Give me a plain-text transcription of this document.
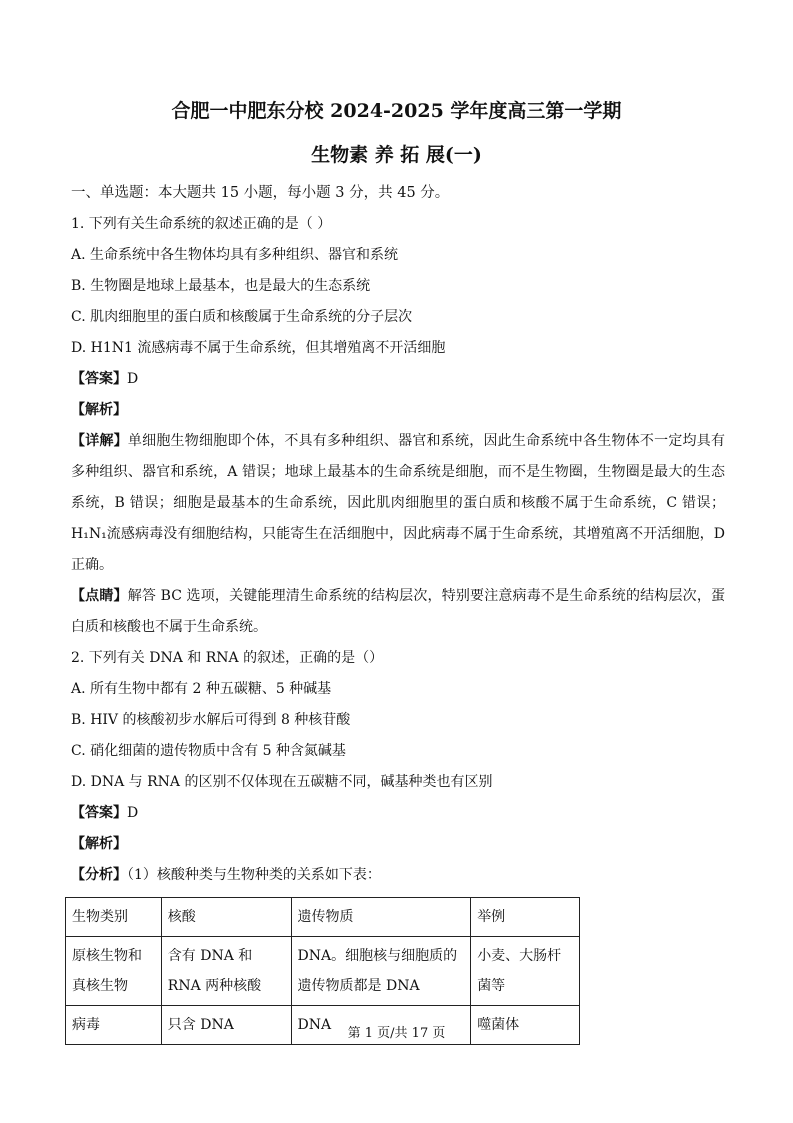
合肥一中肥东分校 2024-2025 学年度高三第一学期
生物素 养 拓 展(一)
一、单选题：本大题共 15 小题，每小题 3 分，共 45 分。
1. 下列有关生命系统的叙述正确的是（ ）
A. 生命系统中各生物体均具有多种组织、器官和系统
B. 生物圈是地球上最基本，也是最大的生态系统
C. 肌肉细胞里的蛋白质和核酸属于生命系统的分子层次
D. H1N1 流感病毒不属于生命系统，但其增殖离不开活细胞
【答案】D
【解析】
【详解】单细胞生物细胞即个体，不具有多种组织、器官和系统，因此生命系统中各生物体不一定均具有多种组织、器官和系统，A 错误；地球上最基本的生命系统是细胞，而不是生物圈，生物圈是最大的生态系统，B 错误；细胞是最基本的生命系统，因此肌肉细胞里的蛋白质和核酸不属于生命系统，C 错误；H₁N₁流感病毒没有细胞结构，只能寄生在活细胞中，因此病毒不属于生命系统，其增殖离不开活细胞，D 正确。
【点睛】解答 BC 选项，关键能理清生命系统的结构层次，特别要注意病毒不是生命系统的结构层次，蛋白质和核酸也不属于生命系统。
2. 下列有关 DNA 和 RNA 的叙述，正确的是（）
A. 所有生物中都有 2 种五碳糖、5 种碱基
B. HIV 的核酸初步水解后可得到 8 种核苷酸
C. 硝化细菌的遗传物质中含有 5 种含氮碱基
D. DNA 与 RNA 的区别不仅体现在五碳糖不同，碱基种类也有区别
【答案】D
【解析】
【分析】（1）核酸种类与生物种类的关系如下表：
生物类别	核酸	遗传物质	举例
原核生物和真核生物	含有 DNA 和 RNA 两种核酸	DNA。细胞核与细胞质的遗传物质都是 DNA	小麦、大肠杆菌等
病毒	只含 DNA	DNA	噬菌体
第 1 页/共 17 页
